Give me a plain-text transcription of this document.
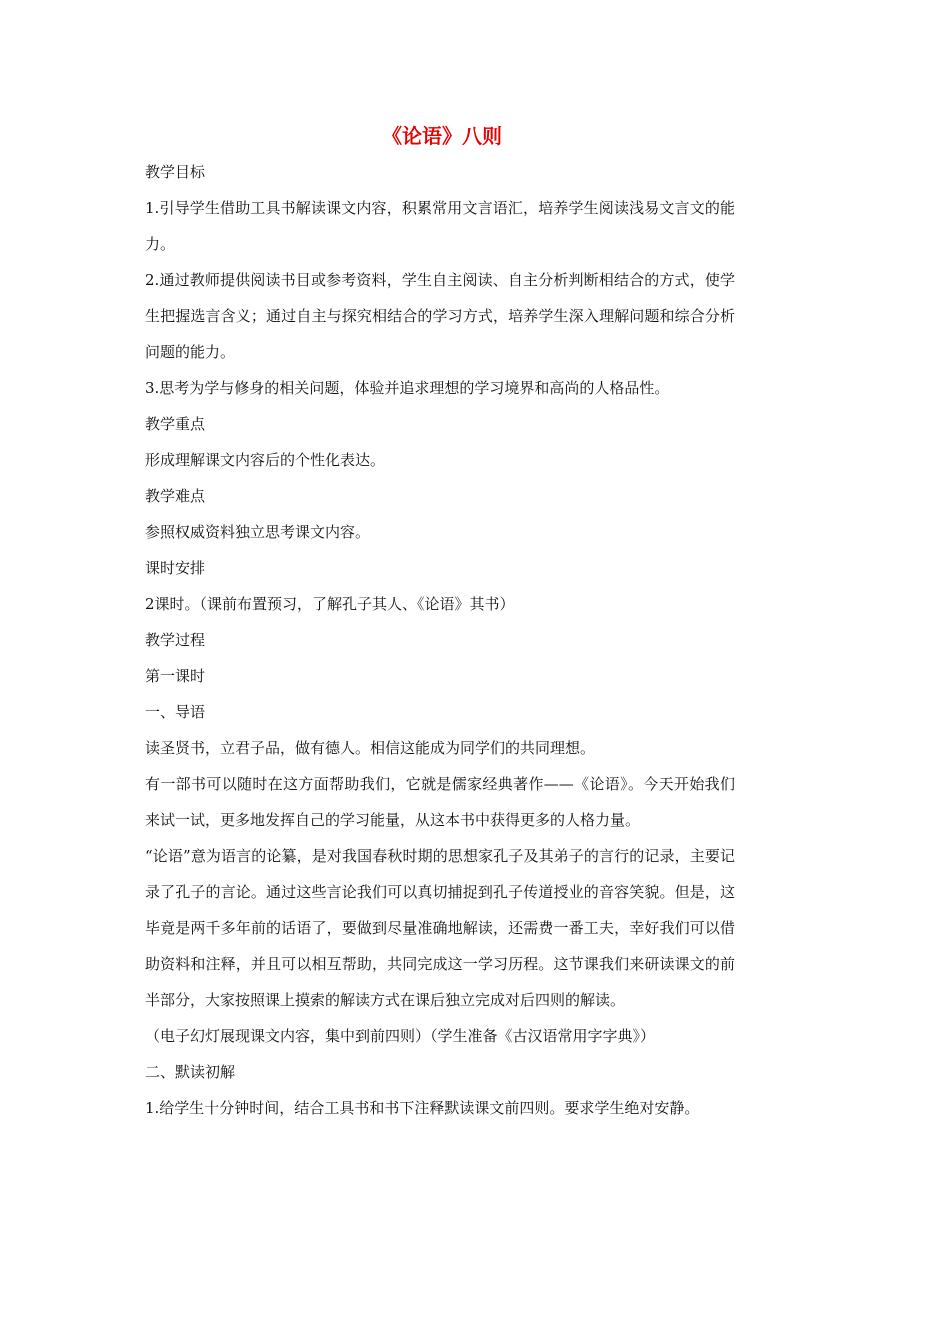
《论语》八则

教学目标

1.引导学生借助工具书解读课文内容，积累常用文言语汇，培养学生阅读浅易文言文的能力。

2.通过教师提供阅读书目或参考资料，学生自主阅读、自主分析判断相结合的方式，使学生把握选言含义；通过自主与探究相结合的学习方式，培养学生深入理解问题和综合分析问题的能力。

3.思考为学与修身的相关问题，体验并追求理想的学习境界和高尚的人格品性。

教学重点

形成理解课文内容后的个性化表达。

教学难点

参照权威资料独立思考课文内容。

课时安排

2课时。（课前布置预习，了解孔子其人、《论语》其书）

教学过程

第一课时

一、导语

读圣贤书，立君子品，做有德人。相信这能成为同学们的共同理想。

有一部书可以随时在这方面帮助我们，它就是儒家经典著作——《论语》。今天开始我们来试一试，更多地发挥自己的学习能量，从这本书中获得更多的人格力量。

“论语”意为语言的论纂，是对我国春秋时期的思想家孔子及其弟子的言行的记录，主要记录了孔子的言论。通过这些言论我们可以真切捕捉到孔子传道授业的音容笑貌。但是，这毕竟是两千多年前的话语了，要做到尽量准确地解读，还需费一番工夫，幸好我们可以借助资料和注释，并且可以相互帮助，共同完成这一学习历程。这节课我们来研读课文的前半部分，大家按照课上摸索的解读方式在课后独立完成对后四则的解读。

（电子幻灯展现课文内容，集中到前四则）（学生准备《古汉语常用字字典》）

二、默读初解

1.给学生十分钟时间，结合工具书和书下注释默读课文前四则。要求学生绝对安静。
